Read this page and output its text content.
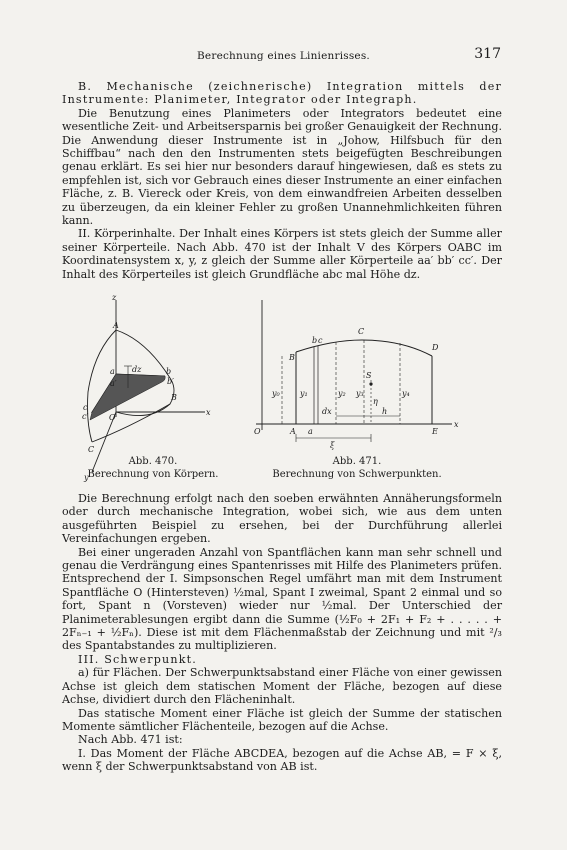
Berechnung eines Linienrisses.	317

B. Mechanische (zeichnerische) Integration mittels der Instrumente: Planimeter, Integrator oder Integraph.

Die Benutzung eines Planimeters oder Integrators bedeutet eine wesentliche Zeit- und Arbeitsersparnis bei großer Genauigkeit der Rechnung. Die Anwendung dieser Instrumente ist in „Johow, Hilfsbuch für den Schiffbau“ nach den den Instrumenten stets beigefügten Beschreibungen genau erklärt. Es sei hier nur besonders darauf hingewiesen, daß es stets zu empfehlen ist, sich vor Gebrauch eines dieser Instrumente an einer einfachen Fläche, z. B. Viereck oder Kreis, von dem einwandfreien Arbeiten desselben zu überzeugen, da ein kleiner Fehler zu großen Unannehmlichkeiten führen kann.

II. Körperinhalte. Der Inhalt eines Körpers ist stets gleich der Summe aller seiner Körperteile. Nach Abb. 470 ist der Inhalt V des Körpers OABC im Koordinatensystem x, y, z gleich der Summe aller Körperteile aa′ bb′ cc′. Der Inhalt des Körperteiles ist gleich Grundfläche abc mal Höhe dz.

z
A
x
y
B
C
O
a	b
c
a′	b′
c′
dz
Abb. 470.
Berechnung von Körpern.
O	A
B
C
D
E
x
S
b c
a
y₀	y₁	y₂ y₃	y₄
η
h
dx
ξ
Abb. 471.
Berechnung von Schwerpunkten.

Die Berechnung erfolgt nach den soeben erwähnten Annäherungsformeln oder durch mechanische Integration, wobei sich, wie aus dem unten ausgeführten Beispiel zu ersehen, bei der Durchführung allerlei Vereinfachungen ergeben.

Bei einer ungeraden Anzahl von Spantflächen kann man sehr schnell und genau die Verdrängung eines Spantenrisses mit Hilfe des Planimeters prüfen. Entsprechend der I. Simpsonschen Regel umfährt man mit dem Instrument Spantfläche O (Hintersteven) ½mal, Spant I zweimal, Spant 2 einmal und so fort, Spant n (Vorsteven) wieder nur ½mal. Der Unterschied der Planimeterablesungen ergibt dann die Summe (½F₀ + 2F₁ + F₂ + . . . . . + 2Fₙ₋₁ + ½Fₙ). Diese ist mit dem Flächenmaßstab der Zeichnung und mit ²/₃ des Spantabstandes zu multiplizieren.

III. Schwerpunkt.

a) für Flächen. Der Schwerpunktsabstand einer Fläche von einer gewissen Achse ist gleich dem statischen Moment der Fläche, bezogen auf diese Achse, dividiert durch den Flächeninhalt.

Das statische Moment einer Fläche ist gleich der Summe der statischen Momente sämtlicher Flächenteile, bezogen auf die Achse.

Nach Abb. 471 ist:

I. Das Moment der Fläche ABCDEA, bezogen auf die Achse AB, = F × ξ, wenn ξ der Schwerpunktsabstand von AB ist.
